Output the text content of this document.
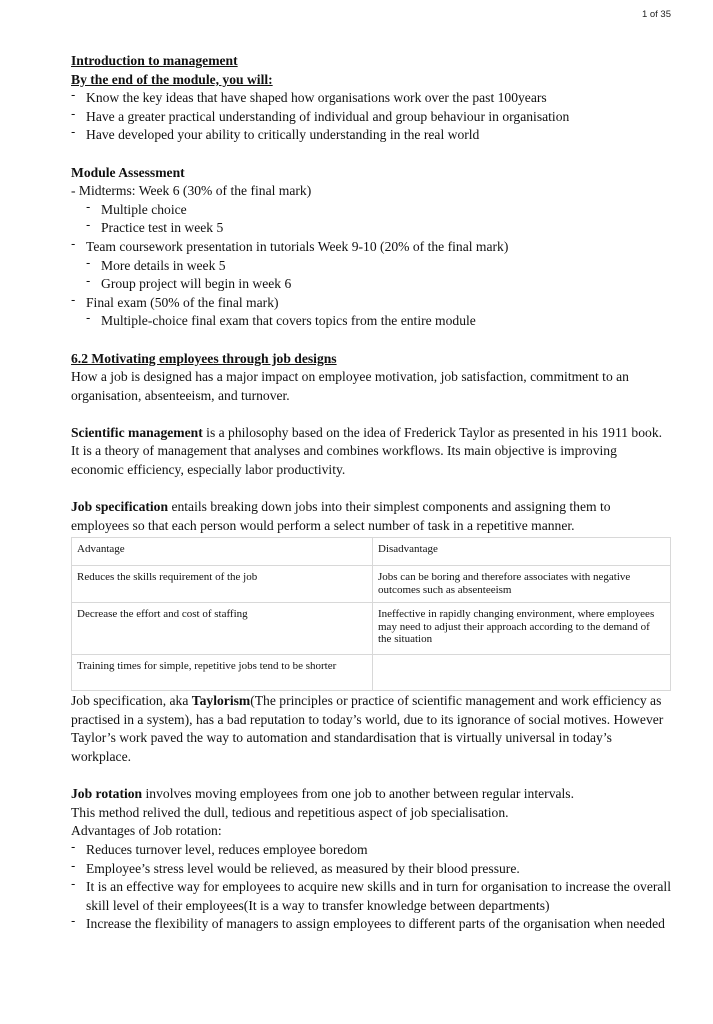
1 of 35

Introduction to management

By the end of the module, you will:

- Know the key ideas that have shaped how organisations work over the past 100years
- Have a greater practical understanding of individual and group behaviour in organisation
- Have developed your ability to critically understanding in the real world

Module Assessment

- Midterms: Week 6 (30% of the final mark)

- Multiple choice
- Practice test in week 5
- Team coursework presentation in tutorials Week 9-10 (20% of the final mark)
- More details in week 5
- Group project will begin in week 6
- Final exam (50% of the final mark)
- Multiple-choice final exam that covers topics from the entire module

6.2 Motivating employees through job designs

How a job is designed has a major impact on employee motivation, job satisfaction, commitment to an organisation, absenteeism, and turnover.

Scientific management is a philosophy based on the idea of Frederick Taylor as presented in his 1911 book. It is a theory of management that analyses and combines workflows. Its main objective is improving economic efficiency, especially labor productivity.

Job specification entails breaking down jobs into their simplest components and assigning them to employees so that each person would perform a select number of task in a repetitive manner.

Advantage	Disadvantage
Reduces the skills requirement of the job	Jobs can be boring and therefore associates with negative outcomes such as absenteeism
Decrease the effort and cost of staffing	Ineffective in rapidly changing environment, where employees may need to adjust their approach according to the demand of the situation
Training times for simple, repetitive jobs tend to be shorter	

Job specification, aka Taylorism(The principles or practice of scientific management and work efficiency as practised in a system), has a bad reputation to today’s world, due to its ignorance of social motives. However Taylor’s work paved the way to automation and standardisation that is virtually universal in today’s workplace.

Job rotation involves moving employees from one job to another between regular intervals.

This method relived the dull, tedious and repetitious aspect of job specialisation.

Advantages of Job rotation:

- Reduces turnover level, reduces employee boredom
- Employee’s stress level would be relieved, as measured by their blood pressure.
- It is an effective way for employees to acquire new skills and in turn for organisation to increase the overall skill level of their employees(It is a way to transfer knowledge between departments)
- Increase the flexibility of managers to assign employees to different parts of the organisation when needed
